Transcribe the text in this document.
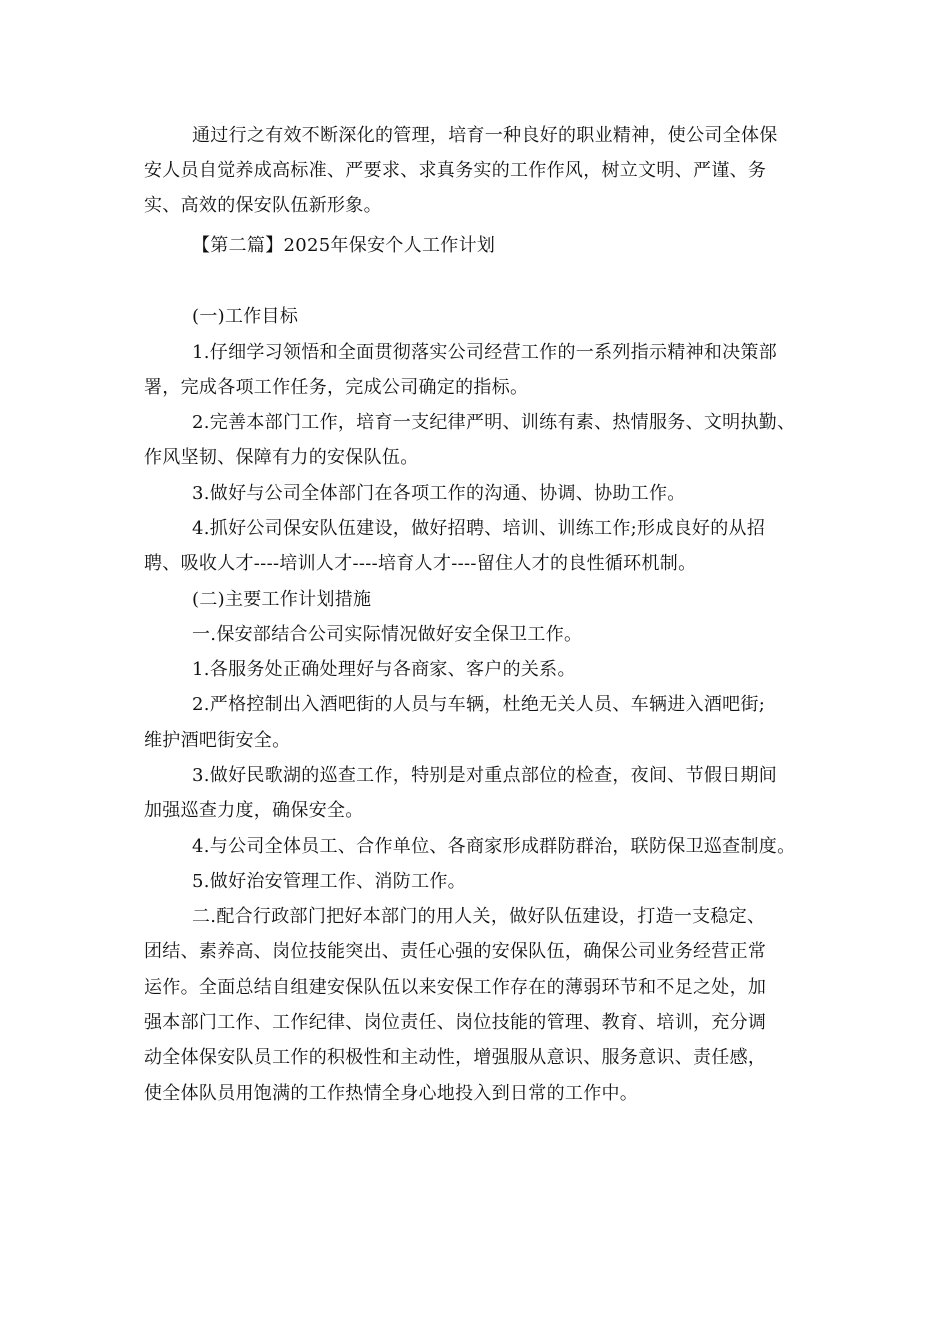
通过行之有效不断深化的管理，培育一种良好的职业精神，使公司全体保
安人员自觉养成高标准、严要求、求真务实的工作作风，树立文明、严谨、务
实、高效的保安队伍新形象。
【第二篇】2025年保安个人工作计划
(一)工作目标
1.仔细学习领悟和全面贯彻落实公司经营工作的一系列指示精神和决策部
署，完成各项工作任务，完成公司确定的指标。
2.完善本部门工作，培育一支纪律严明、训练有素、热情服务、文明执勤、
作风坚韧、保障有力的安保队伍。
3.做好与公司全体部门在各项工作的沟通、协调、协助工作。
4.抓好公司保安队伍建设，做好招聘、培训、训练工作;形成良好的从招
聘、吸收人才----培训人才----培育人才----留住人才的良性循环机制。
(二)主要工作计划措施
一.保安部结合公司实际情况做好安全保卫工作。
1.各服务处正确处理好与各商家、客户的关系。
2.严格控制出入酒吧街的人员与车辆，杜绝无关人员、车辆进入酒吧街;
维护酒吧街安全。
3.做好民歌湖的巡查工作，特别是对重点部位的检查，夜间、节假日期间
加强巡查力度，确保安全。
4.与公司全体员工、合作单位、各商家形成群防群治，联防保卫巡查制度。
5.做好治安管理工作、消防工作。
二.配合行政部门把好本部门的用人关，做好队伍建设，打造一支稳定、
团结、素养高、岗位技能突出、责任心强的安保队伍，确保公司业务经营正常
运作。全面总结自组建安保队伍以来安保工作存在的薄弱环节和不足之处，加
强本部门工作、工作纪律、岗位责任、岗位技能的管理、教育、培训，充分调
动全体保安队员工作的积极性和主动性，增强服从意识、服务意识、责任感，
使全体队员用饱满的工作热情全身心地投入到日常的工作中。
